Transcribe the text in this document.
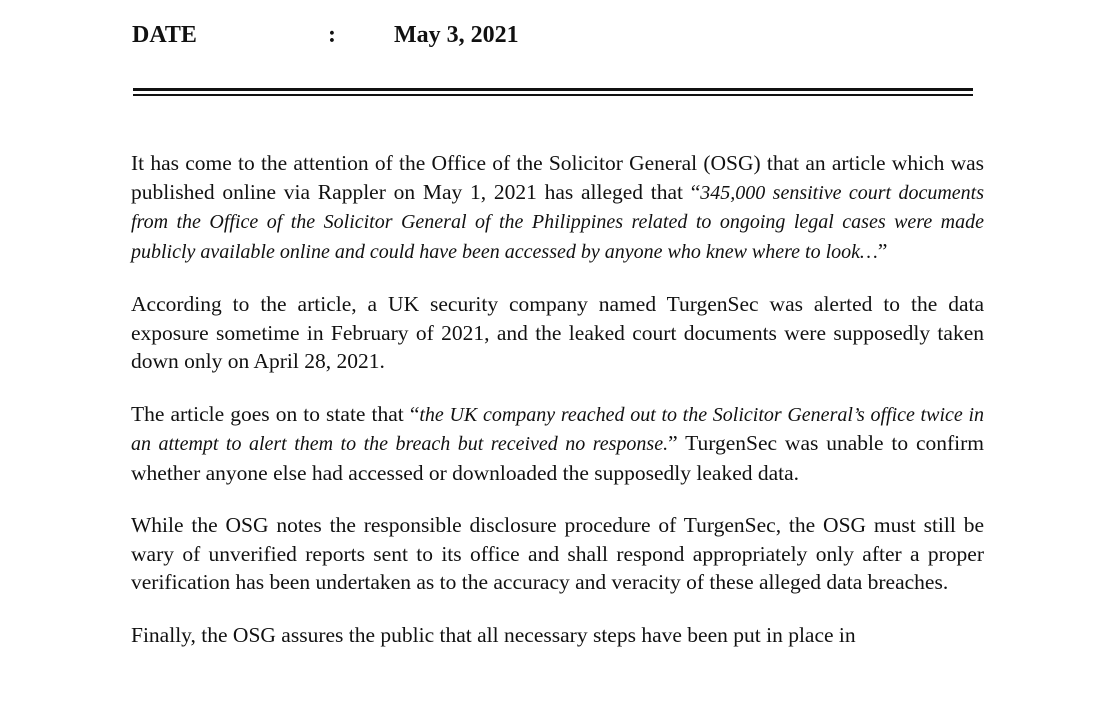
DATE	: May 3, 2021

It has come to the attention of the Office of the Solicitor General (OSG) that an article which was published online via Rappler on May 1, 2021 has alleged that “345,000 sensitive court documents from the Office of the Solicitor General of the Philippines related to ongoing legal cases were made publicly available online and could have been accessed by anyone who knew where to look…”

According to the article, a UK security company named TurgenSec was alerted to the data exposure sometime in February of 2021, and the leaked court documents were supposedly taken down only on April 28, 2021.

The article goes on to state that “the UK company reached out to the Solicitor General’s office twice in an attempt to alert them to the breach but received no response.” TurgenSec was unable to confirm whether anyone else had accessed or downloaded the supposedly leaked data.

While the OSG notes the responsible disclosure procedure of TurgenSec, the OSG must still be wary of unverified reports sent to its office and shall respond appropriately only after a proper verification has been undertaken as to the accuracy and veracity of these alleged data breaches.

Finally, the OSG assures the public that all necessary steps have been put in place in
